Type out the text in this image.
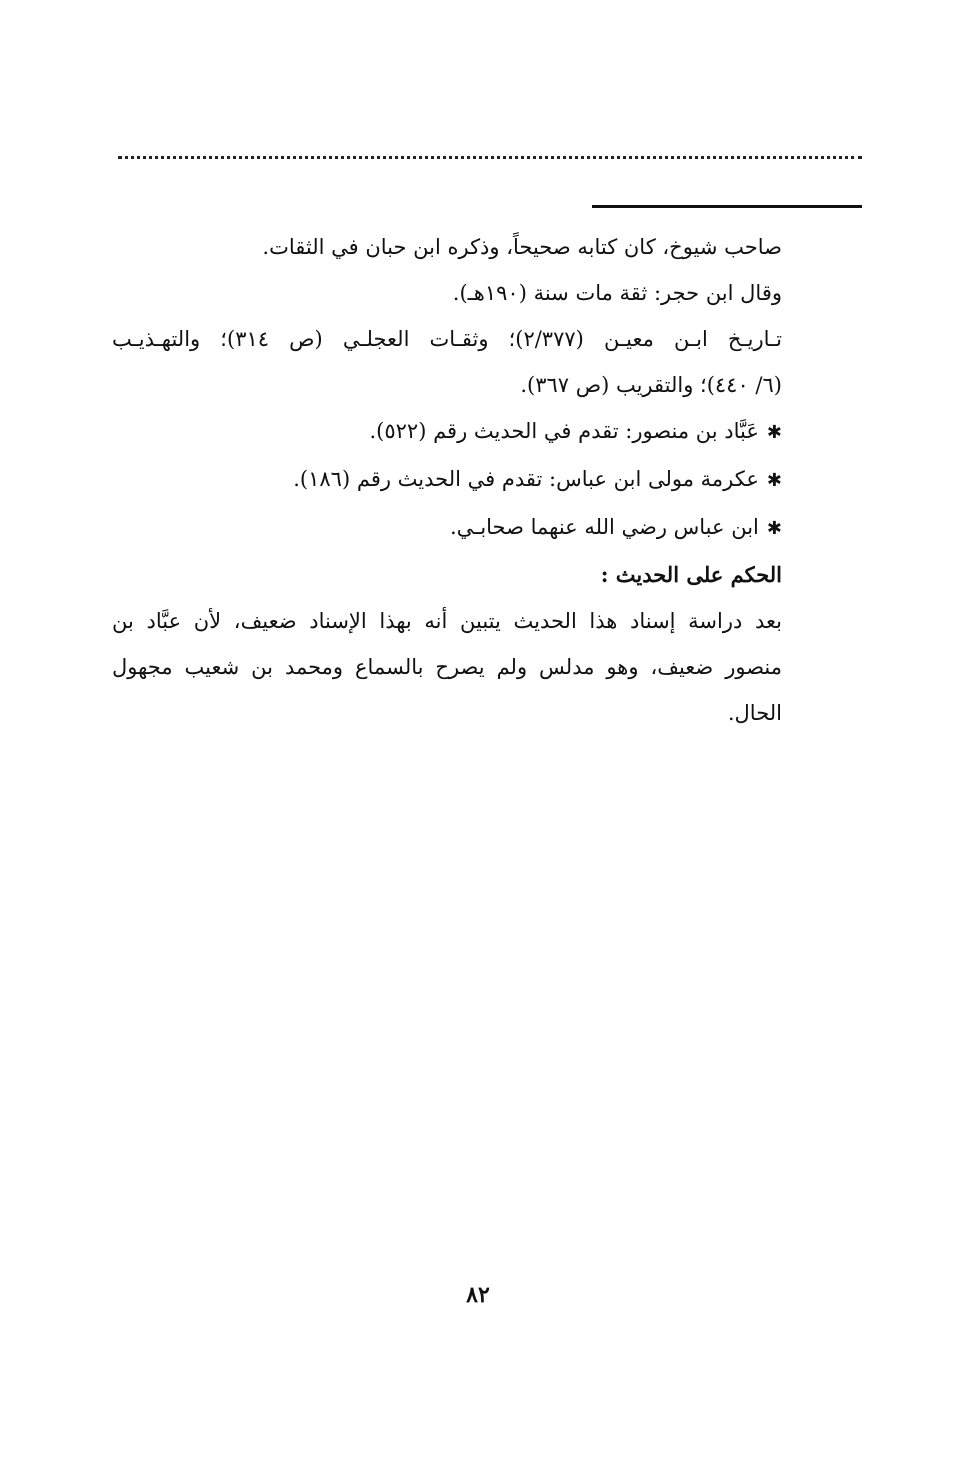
صاحب شيوخ، كان كتابه صحيحاً، وذكره ابن حبان في الثقات.

وقال ابن حجر: ثقة مات سنة (١٩٠هـ).

تـاريـخ ابـن معيـن (٢/٣٧٧)؛ وثقـات العجلـي (ص ٣١٤)؛ والتهـذيـب

(٦/ ٤٤٠)؛ والتقريب (ص ٣٦٧).

✱عَبَّاد بن منصور: تقدم في الحديث رقم (٥٢٢).

✱عكرمة مولى ابن عباس: تقدم في الحديث رقم (١٨٦).

✱ابن عباس رضي الله عنهما صحابـي.

الحكم على الحديث :

بعد دراسة إسناد هذا الحديث يتبين أنه بهذا الإسناد ضعيف، لأن عبَّاد بن

منصور ضعيف، وهو مدلس ولم يصرح بالسماع ومحمد بن شعيب مجهول

الحال.

٨٢
